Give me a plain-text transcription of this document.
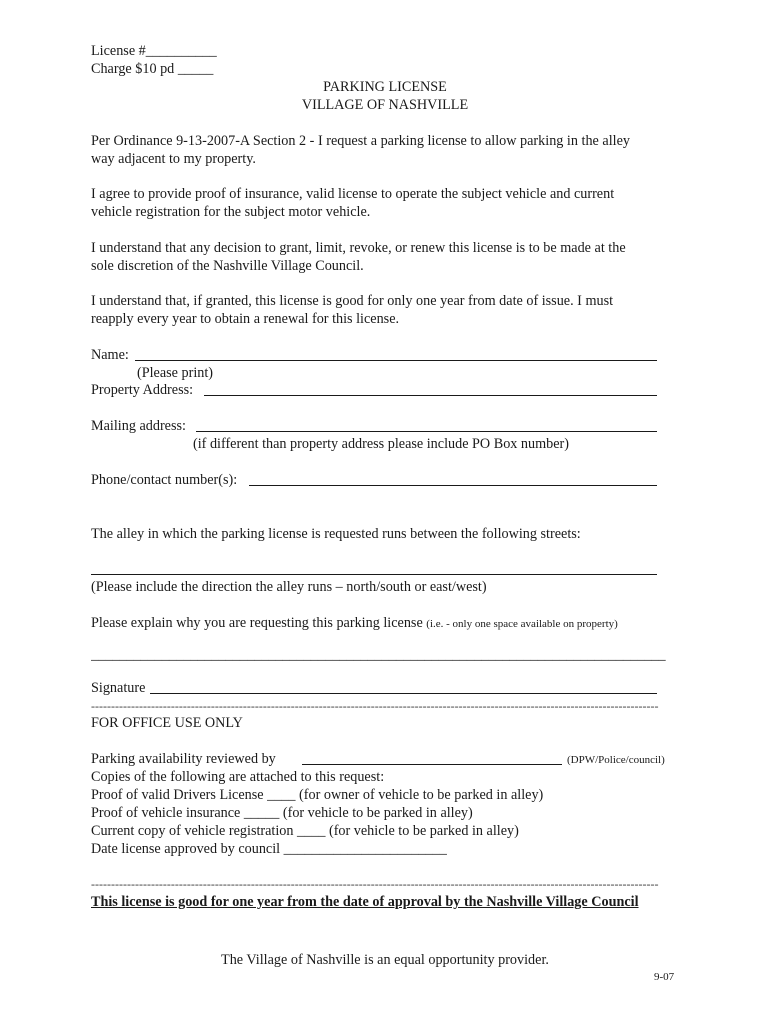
License #__________
Charge $10 pd _____
PARKING LICENSE
VILLAGE OF NASHVILLE
Per Ordinance 9-13-2007-A Section 2 - I request a parking license to allow parking in the alley
way adjacent to my property.
I agree to provide proof of insurance, valid license to operate the subject vehicle and current
vehicle registration for the subject motor vehicle.
I understand that any decision to grant, limit, revoke, or renew this license is to be made at the
sole discretion of the Nashville Village Council.
I understand that, if granted, this license is good for only one year from date of issue. I must
reapply every year to obtain a renewal for this license.
Name:
(Please print)
Property Address:
Mailing address:
(if different than property address please include PO Box number)
Phone/contact number(s):
The alley in which the parking license is requested runs between the following streets:
(Please include the direction the alley runs – north/south or east/west)
Please explain why you are requesting this parking license (i.e. - only one space available on property)
_________________________________________________________________________________
Signature
----------------------------------------------------------------------------------------------------------------------------------------------
FOR OFFICE USE ONLY
Parking availability reviewed by	(DPW/Police/council)
Copies of the following are attached to this request:
Proof of valid Drivers License ____ (for owner of vehicle to be parked in alley)
Proof of vehicle insurance _____ (for vehicle to be parked in alley)
Current copy of vehicle registration ____ (for vehicle to be parked in alley)
Date license approved by council _______________________
----------------------------------------------------------------------------------------------------------------------------------------------
This license is good for one year from the date of approval by the Nashville Village Council
The Village of Nashville is an equal opportunity provider.
9-07
